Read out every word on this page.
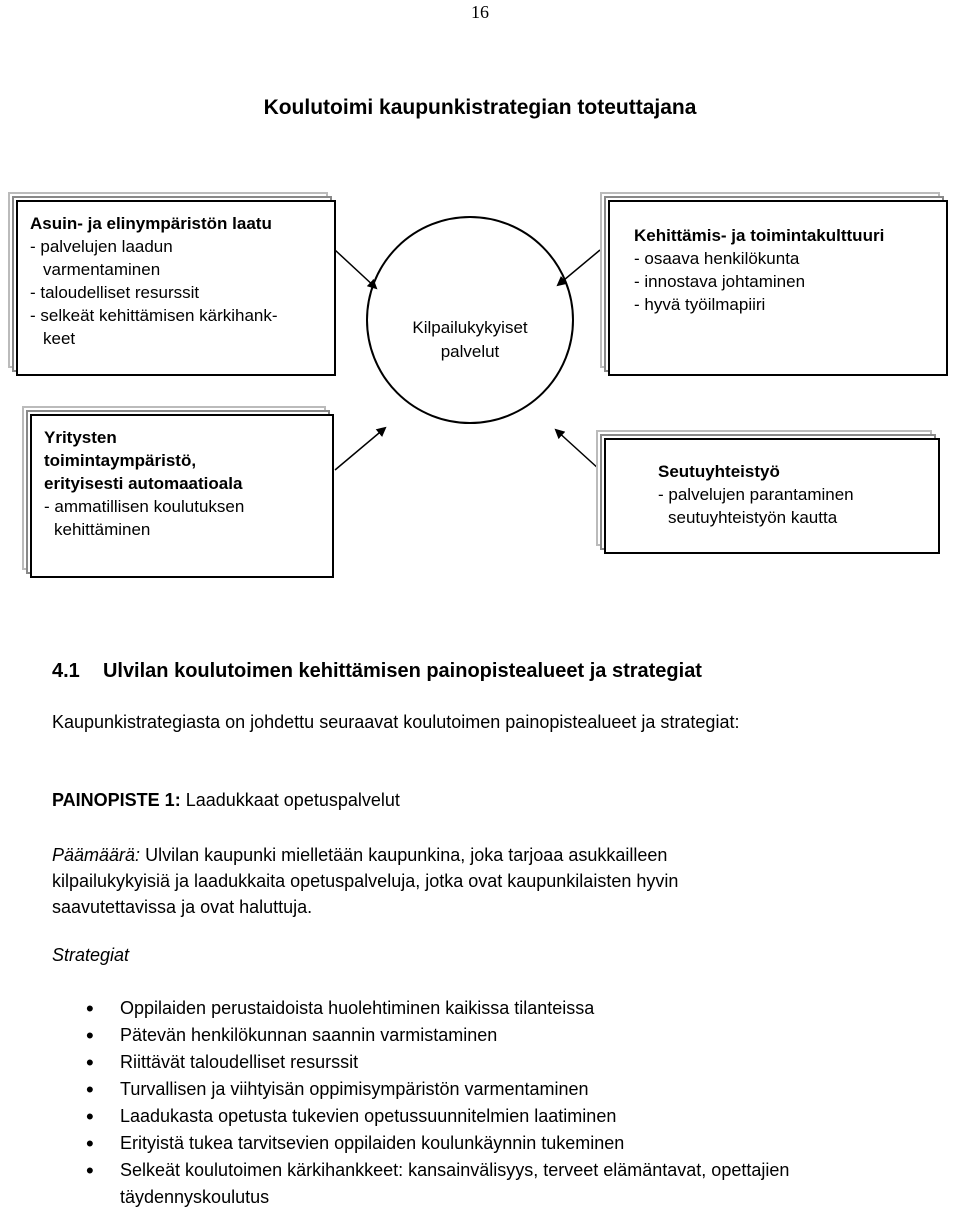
16
Koulutoimi kaupunkistrategian toteuttajana
Kilpailukykyiset
palvelut
Asuin- ja elinympäristön laatu
- palvelujen laadun
varmentaminen
- taloudelliset resurssit
- selkeät kehittämisen kärkihank-
keet
Kehittämis- ja toimintakulttuuri
- osaava henkilökunta
- innostava johtaminen
- hyvä työilmapiiri
Yritysten
toimintaympäristö,
erityisesti automaatioala
- ammatillisen koulutuksen
kehittäminen
Seutuyhteistyö
- palvelujen parantaminen
seutuyhteistyön kautta
4.1 Ulvilan koulutoimen kehittämisen painopistealueet ja strategiat
Kaupunkistrategiasta on johdettu seuraavat koulutoimen painopistealueet ja strategiat:
PAINOPISTE 1: Laadukkaat opetuspalvelut
Päämäärä: Ulvilan kaupunki mielletään kaupunkina, joka tarjoaa asukkailleen
kilpailukykyisiä ja laadukkaita opetuspalveluja, jotka ovat kaupunkilaisten hyvin
saavutettavissa ja ovat haluttuja.
Strategiat
• Oppilaiden perustaidoista huolehtiminen kaikissa tilanteissa
• Pätevän henkilökunnan saannin varmistaminen
• Riittävät taloudelliset resurssit
• Turvallisen ja viihtyisän oppimisympäristön varmentaminen
• Laadukasta opetusta tukevien opetussuunnitelmien laatiminen
• Erityistä tukea tarvitsevien oppilaiden koulunkäynnin tukeminen
• Selkeät koulutoimen kärkihankkeet: kansainvälisyys, terveet elämäntavat, opettajien
täydennyskoulutus
